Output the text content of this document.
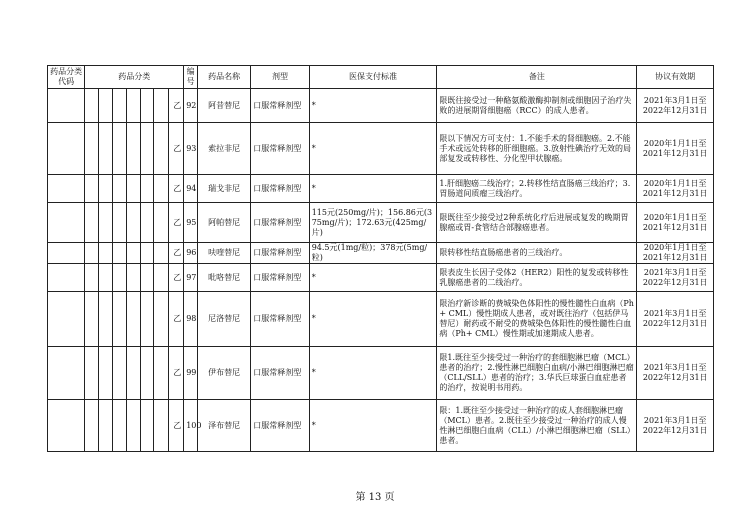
药品分类代码	药品分类							编号	药品名称	剂型	医保支付标准	备注	协议有效期
							乙	92	阿昔替尼	口服常释剂型	*	限既往接受过一种酪氨酸激酶抑制剂或细胞因子治疗失败的进展期肾细胞癌（RCC）的成人患者。	2021年3月1日至2022年12月31日
							乙	93	索拉非尼	口服常释剂型	*	限以下情况方可支付：1.不能手术的肾细胞癌。2.不能手术或远处转移的肝细胞癌。3.放射性碘治疗无效的局部复发或转移性、分化型甲状腺癌。	2020年1月1日至2021年12月31日
							乙	94	瑞戈非尼	口服常释剂型	*	1.肝细胞癌二线治疗；2.转移性结直肠癌三线治疗；3.胃肠道间质瘤三线治疗。	2020年1月1日至2021年12月31日
							乙	95	阿帕替尼	口服常释剂型	115元(250mg/片)；156.86元(375mg/片)；172.63元(425mg/片)	限既往至少接受过2种系统化疗后进展或复发的晚期胃腺癌或胃-食管结合部腺癌患者。	2020年1月1日至2021年12月31日
							乙	96	呋喹替尼	口服常释剂型	94.5元(1mg/粒)；378元(5mg/粒)	限转移性结直肠癌患者的三线治疗。	2020年1月1日至2021年12月31日
							乙	97	吡咯替尼	口服常释剂型	*	限表皮生长因子受体2（HER2）阳性的复发或转移性乳腺癌患者的二线治疗。	2021年3月1日至2022年12月31日
							乙	98	尼洛替尼	口服常释剂型	*	限治疗新诊断的费城染色体阳性的慢性髓性白血病（Ph+ CML）慢性期成人患者，或对既往治疗（包括伊马替尼）耐药或不耐受的费城染色体阳性的慢性髓性白血病（Ph+ CML）慢性期或加速期成人患者。	2021年3月1日至2022年12月31日
							乙	99	伊布替尼	口服常释剂型	*	限1.既往至少接受过一种治疗的套细胞淋巴瘤（MCL）患者的治疗；2.慢性淋巴细胞白血病/小淋巴细胞淋巴瘤（CLL/SLL）患者的治疗；3.华氏巨球蛋白血症患者的治疗，按说明书用药。	2021年3月1日至2022年12月31日
							乙	100	泽布替尼	口服常释剂型	*	限：1.既往至少接受过一种治疗的成人套细胞淋巴瘤（MCL）患者。2.既往至少接受过一种治疗的成人慢性淋巴细胞白血病（CLL）/小淋巴细胞淋巴瘤（SLL）患者。	2021年3月1日至2022年12月31日
第 13 页
